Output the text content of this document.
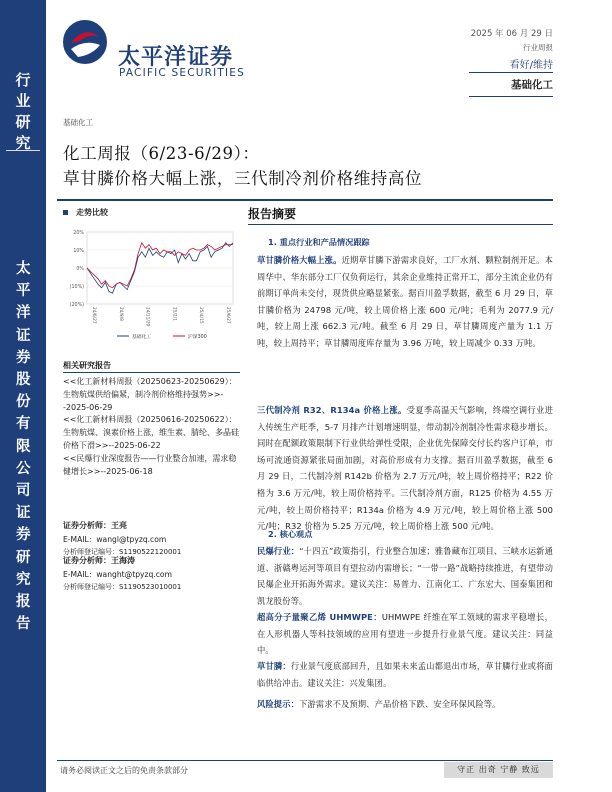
行业研究
太平洋证券股份有限公司证券研究报告
太平洋证券
PACIFIC SECURITIES
2025 年 06 月 29 日
行业周报
看好/维持
基础化工
基础化工
化工周报（6/23-6/29）：
草甘膦价格大幅上涨，三代制冷剂价格维持高位
走势比较
20%
10%
0%
(10%)
(20%)
24/6/27	24/9/8	24/11/20	25/2/1	25/4/15	25/6/27
基础化工	沪深300
相关研究报告

<<化工新材料周报（20250623-20250629）：生物航煤供给偏紧，制冷剂价格维持强势>>--2025-06-29

<<化工新材料周报（20250616-20250622）：生物航煤、溴素价格上涨，维生素、腈纶、多晶硅价格下滑>>--2025-06-22

<<民爆行业深度报告——行业整合加速，需求稳健增长>>--2025-06-18

证券分析师：王亮
E-MAIL：wangl@tpyzq.com
分析师登记编号：S1190522120001
证券分析师：王海涛
E-MAIL：wanght@tpyzq.com
分析师登记编号：S1190523010001
报告摘要
1. 重点行业和产品情况跟踪
草甘膦价格大幅上涨。近期草甘膦下游需求良好，工厂水剂、颗粒制剂开足。本周华中、华东部分工厂仅负荷运行，其余企业维持正常开工，部分主流企业仍有前期订单尚未交付，现货供应略显紧张。据百川盈孚数据，截至 6 月 29 日，草甘膦价格为 24798 元/吨，较上周价格上涨 600 元/吨；毛利为 2077.9 元/吨，较上周上涨 662.3 元/吨。截至 6 月 29 日，草甘膦周度产量为 1.1 万吨，较上周持平；草甘膦周度库存量为 3.96 万吨，较上周减少 0.33 万吨。
三代制冷剂 R32、R134a 价格上涨。受夏季高温天气影响，终端空调行业进入传统生产旺季，5-7 月排产计划增速明显，带动制冷剂制冷性需求稳步增长。同时在配额政策限制下行业供给弹性受限，企业优先保障交付长约客户订单，市场可流通资源紧张局面加剧，对高价形成有力支撑。据百川盈孚数据，截至 6 月 29 日，二代制冷剂 R142b 价格为 2.7 万元/吨，较上周价格持平；R22 价格为 3.6 万元/吨，较上周价格持平。三代制冷剂方面，R125 价格为 4.55 万元/吨，较上周价格持平；R134a 价格为 4.9 万元/吨，较上周价格上涨 500 元/吨；R32 价格为 5.25 万元/吨，较上周价格上涨 500 元/吨。
2. 核心观点
民爆行业：“十四五”政策指引，行业整合加速；雅鲁藏布江项目、三峡水运新通道、浙赣粤运河等项目有望拉动内需增长；“一带一路”战略持续推进，有望带动民爆企业开拓海外需求。建议关注：易普力、江南化工、广东宏大、国泰集团和凯龙股份等。
超高分子量聚乙烯 UHMWPE：UHMWPE 纤维在军工领域的需求平稳增长，在人形机器人等科技领域的应用有望进一步提升行业景气度。建议关注：同益中。
草甘膦：行业景气度底部回升，且如果未来孟山都退出市场，草甘膦行业或将面临供给冲击。建议关注：兴发集团。
风险提示：下游需求不及预期、产品价格下跌、安全环保风险等。
请务必阅读正文之后的免责条款部分	守正 出奇 宁静 致远
